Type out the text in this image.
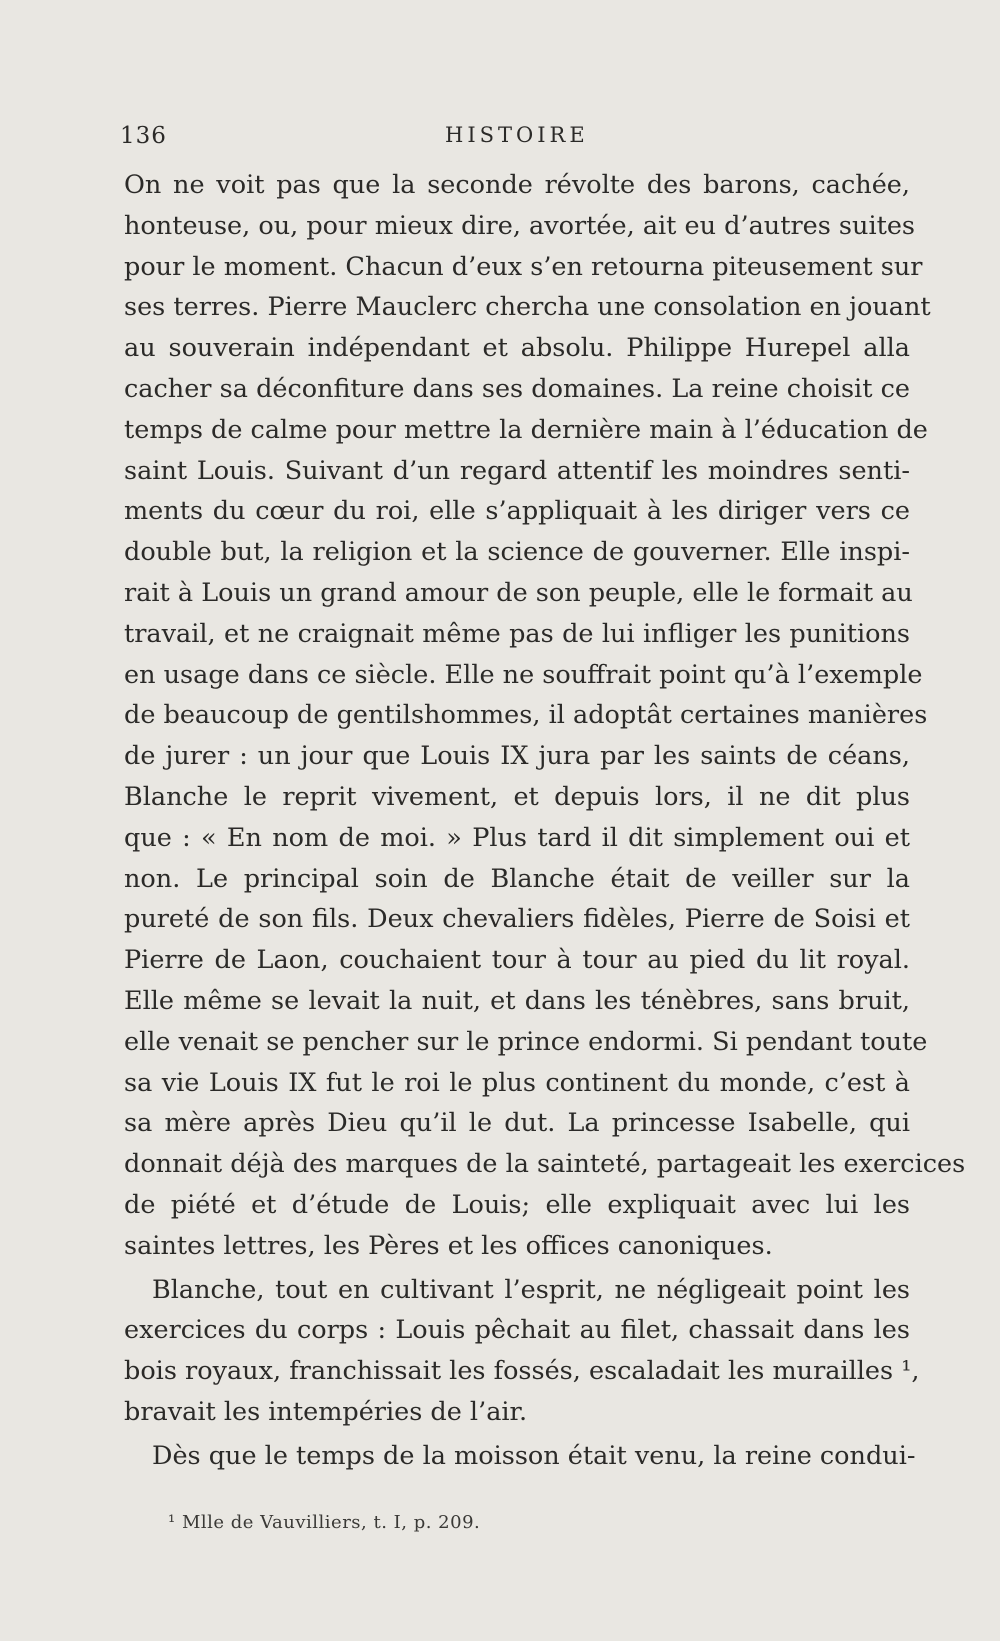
136	HISTOIRE
On ne voit pas que la seconde révolte des barons, cachée,
honteuse, ou, pour mieux dire, avortée, ait eu d’autres suites
pour le moment. Chacun d’eux s’en retourna piteusement sur
ses terres. Pierre Mauclerc chercha une consolation en jouant
au souverain indépendant et absolu. Philippe Hurepel alla
cacher sa déconfiture dans ses domaines. La reine choisit ce
temps de calme pour mettre la dernière main à l’éducation de
saint Louis. Suivant d’un regard attentif les moindres senti-
ments du cœur du roi, elle s’appliquait à les diriger vers ce
double but, la religion et la science de gouverner. Elle inspi-
rait à Louis un grand amour de son peuple, elle le formait au
travail, et ne craignait même pas de lui infliger les punitions
en usage dans ce siècle. Elle ne souffrait point qu’à l’exemple
de beaucoup de gentilshommes, il adoptât certaines manières
de jurer : un jour que Louis IX jura par les saints de céans,
Blanche le reprit vivement, et depuis lors, il ne dit plus
que : « En nom de moi. » Plus tard il dit simplement oui et
non. Le principal soin de Blanche était de veiller sur la
pureté de son fils. Deux chevaliers fidèles, Pierre de Soisi et
Pierre de Laon, couchaient tour à tour au pied du lit royal.
Elle même se levait la nuit, et dans les ténèbres, sans bruit,
elle venait se pencher sur le prince endormi. Si pendant toute
sa vie Louis IX fut le roi le plus continent du monde, c’est à
sa mère après Dieu qu’il le dut. La princesse Isabelle, qui
donnait déjà des marques de la sainteté, partageait les exercices
de piété et d’étude de Louis; elle expliquait avec lui les
saintes lettres, les Pères et les offices canoniques.
Blanche, tout en cultivant l’esprit, ne négligeait point les
exercices du corps : Louis pêchait au filet, chassait dans les
bois royaux, franchissait les fossés, escaladait les murailles ¹,
bravait les intempéries de l’air.
Dès que le temps de la moisson était venu, la reine condui-
¹ Mlle de Vauvilliers, t. I, p. 209.
